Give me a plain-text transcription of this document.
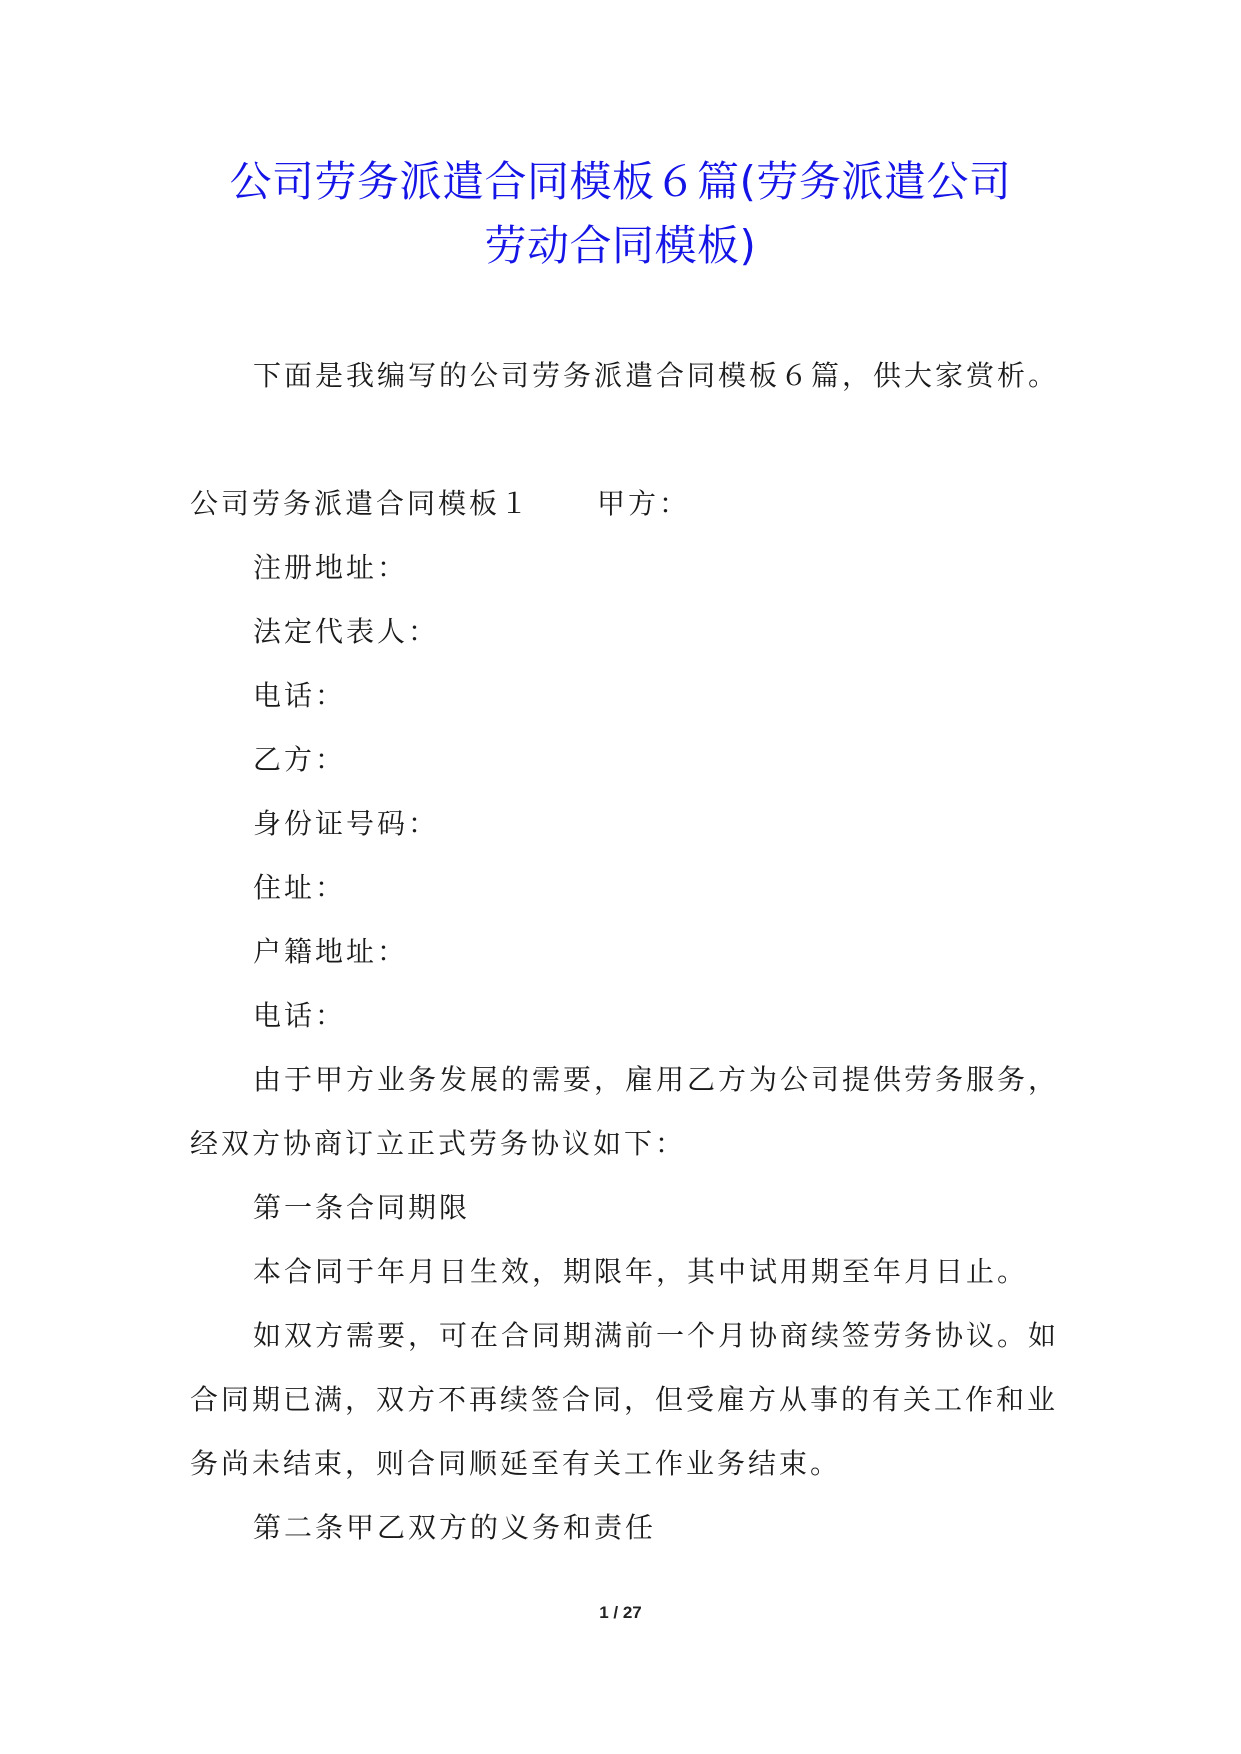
公司劳务派遣合同模板６篇(劳务派遣公司
劳动合同模板)
下面是我编写的公司劳务派遣合同模板６篇，供大家赏析。
公司劳务派遣合同模板１ 甲方：
注册地址：
法定代表人：
电话：
乙方：
身份证号码：
住址：
户籍地址：
电话：
由于甲方业务发展的需要，雇用乙方为公司提供劳务服务，
经双方协商订立正式劳务协议如下：
第一条合同期限
本合同于年月日生效，期限年，其中试用期至年月日止。
如双方需要，可在合同期满前一个月协商续签劳务协议。如
合同期已满，双方不再续签合同，但受雇方从事的有关工作和业
务尚未结束，则合同顺延至有关工作业务结束。
第二条甲乙双方的义务和责任
1 / 27
